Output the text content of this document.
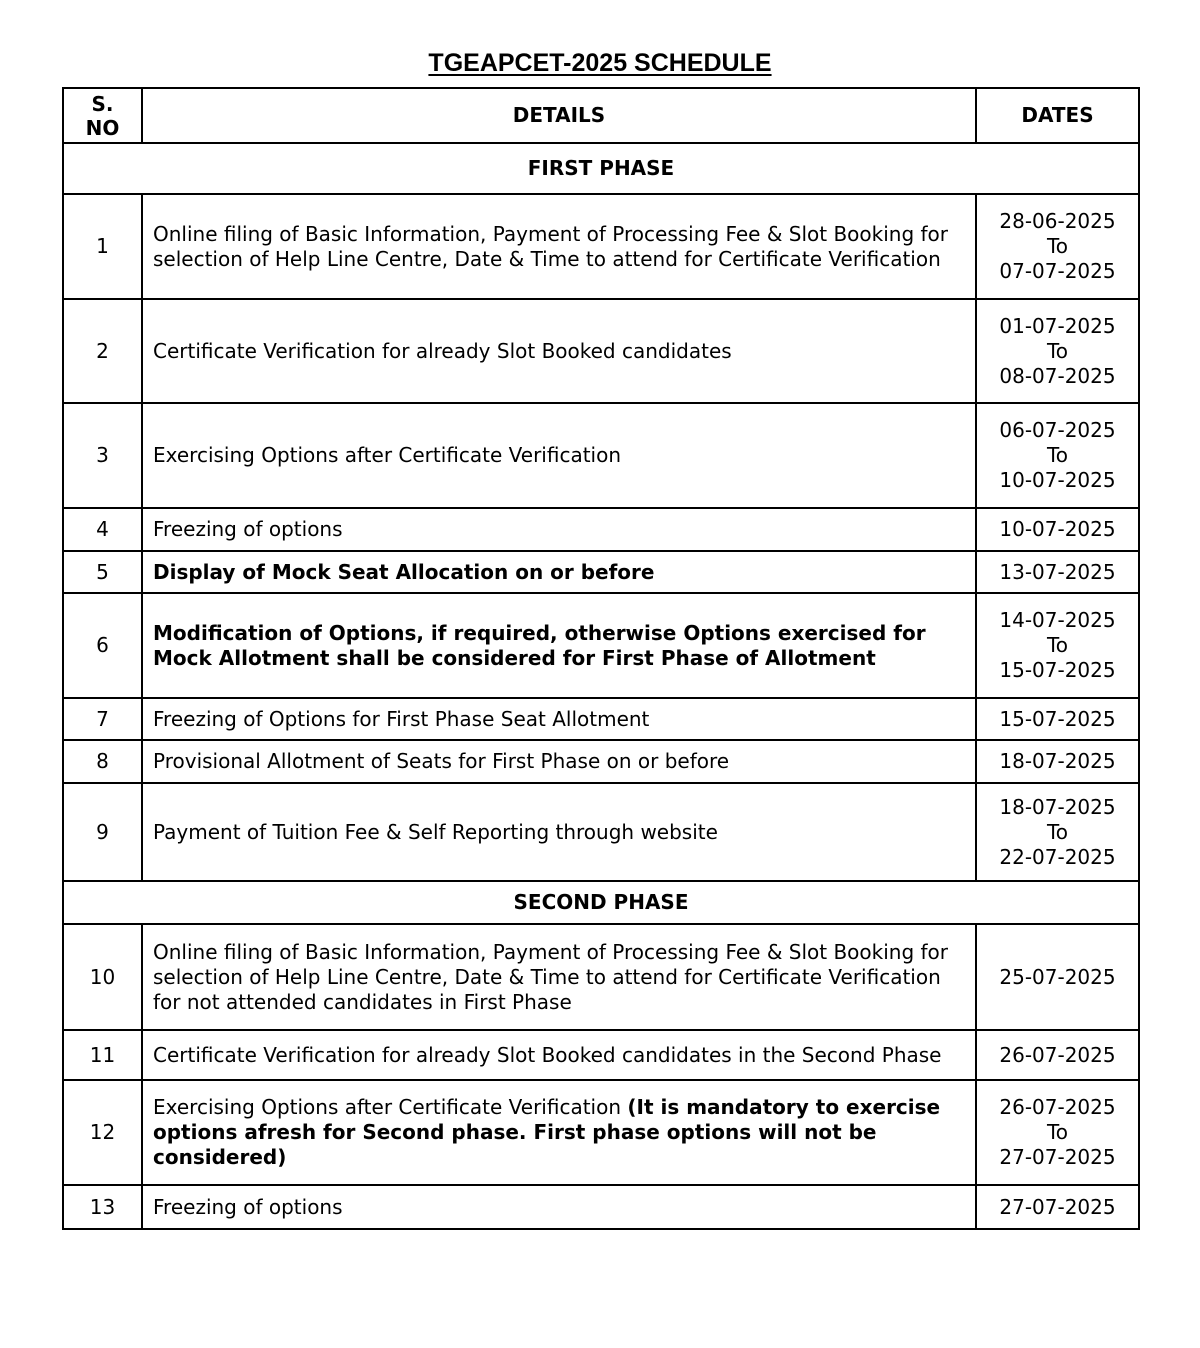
TGEAPCET-2025 SCHEDULE
S.
NO	DETAILS	DATES
FIRST PHASE		
1	Online filing of Basic Information, Payment of Processing Fee & Slot Booking for selection of Help Line Centre, Date & Time to attend for Certificate Verification	28-06-2025
To
07-07-2025

2	Certificate Verification for already Slot Booked candidates	01-07-2025
To
08-07-2025

3	Exercising Options after Certificate Verification	06-07-2025
To
10-07-2025

4	Freezing of options	10-07-2025
5	Display of Mock Seat Allocation on or before	13-07-2025
6	Modification of Options, if required, otherwise Options exercised for Mock Allotment shall be considered for First Phase of Allotment	14-07-2025
To
15-07-2025

7	Freezing of Options for First Phase Seat Allotment	15-07-2025
8	Provisional Allotment of Seats for First Phase on or before	18-07-2025
9	Payment of Tuition Fee & Self Reporting through website	18-07-2025
To
22-07-2025

SECOND PHASE		
10	Online filing of Basic Information, Payment of Processing Fee & Slot Booking for selection of Help Line Centre, Date & Time to attend for Certificate Verification for not attended candidates in First Phase	25-07-2025
11	Certificate Verification for already Slot Booked candidates in the Second Phase	26-07-2025
12	Exercising Options after Certificate Verification (It is mandatory to exercise options afresh for Second phase. First phase options will not be considered)	26-07-2025
To
27-07-2025

13	Freezing of options	27-07-2025
